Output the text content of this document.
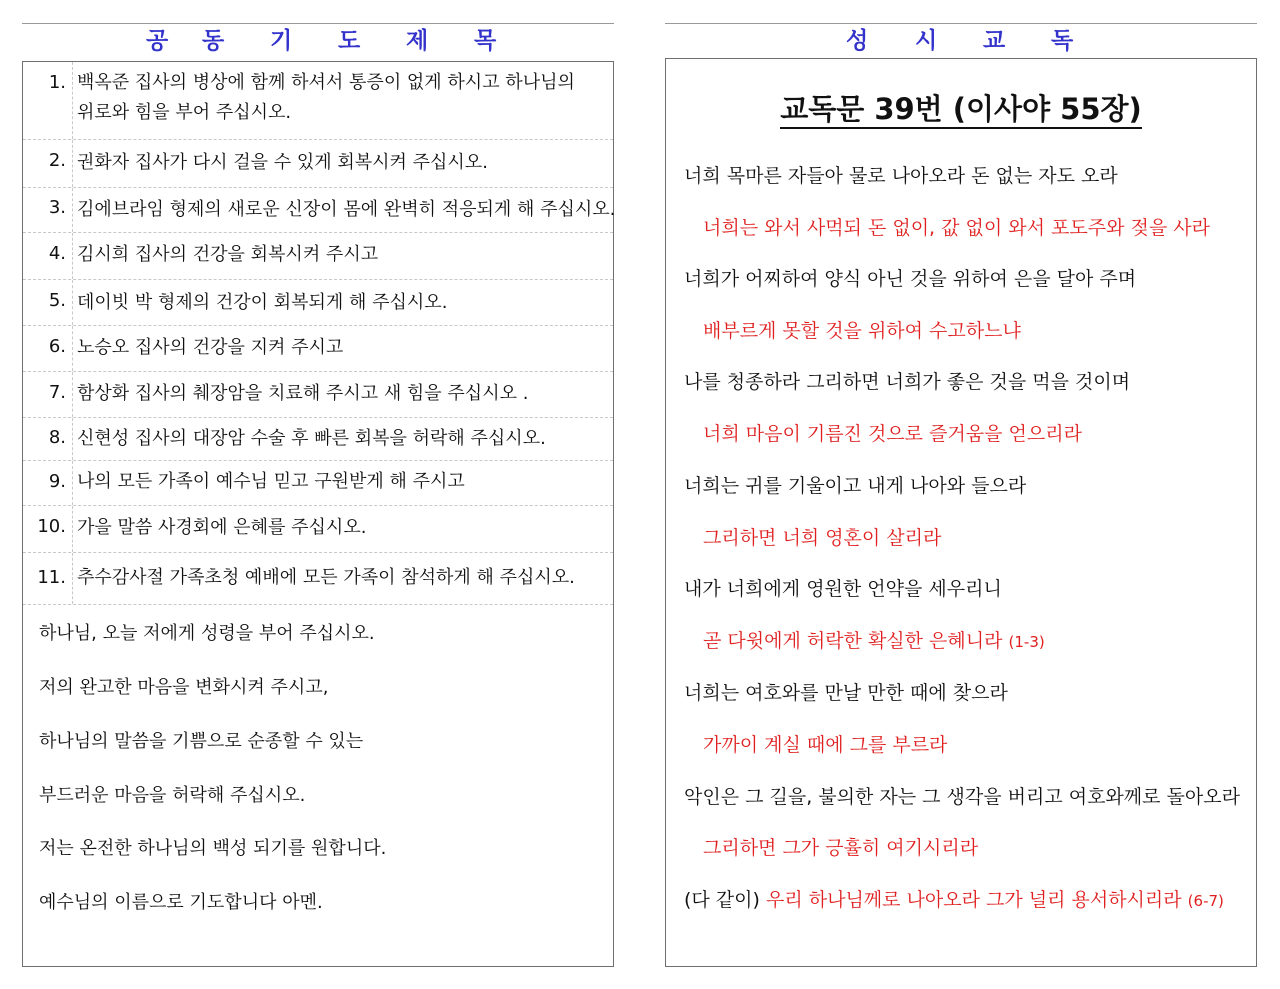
공 동 기 도 제 목
1. 백옥준 집사의 병상에 함께 하셔서 통증이 없게 하시고 하나님의
위로와 힘을 부어 주십시오.
2. 권화자 집사가 다시 걸을 수 있게 회복시켜 주십시오.
3. 김에브라임 형제의 새로운 신장이 몸에 완벽히 적응되게 해 주십시오.
4. 김시희 집사의 건강을 회복시켜 주시고
5. 데이빗 박 형제의 건강이 회복되게 해 주십시오.
6. 노승오 집사의 건강을 지켜 주시고
7. 함상화 집사의 췌장암을 치료해 주시고 새 힘을 주십시오 .
8. 신현성 집사의 대장암 수술 후 빠른 회복을 허락해 주십시오.
9. 나의 모든 가족이 예수님 믿고 구원받게 해 주시고
10. 가을 말씀 사경회에 은혜를 주십시오.
11. 추수감사절 가족초청 예배에 모든 가족이 참석하게 해 주십시오.
하나님, 오늘 저에게 성령을 부어 주십시오.
저의 완고한 마음을 변화시켜 주시고,
하나님의 말씀을 기쁨으로 순종할 수 있는
부드러운 마음을 허락해 주십시오.
저는 온전한 하나님의 백성 되기를 원합니다.
예수님의 이름으로 기도합니다 아멘.
성 시 교 독
교독문 39번 (이사야 55장)
너희 목마른 자들아 물로 나아오라 돈 없는 자도 오라
너희는 와서 사먹되 돈 없이, 값 없이 와서 포도주와 젖을 사라
너희가 어찌하여 양식 아닌 것을 위하여 은을 달아 주며
배부르게 못할 것을 위하여 수고하느냐
나를 청종하라 그리하면 너희가 좋은 것을 먹을 것이며
너희 마음이 기름진 것으로 즐거움을 얻으리라
너희는 귀를 기울이고 내게 나아와 들으라
그리하면 너희 영혼이 살리라
내가 너희에게 영원한 언약을 세우리니
곧 다윗에게 허락한 확실한 은혜니라 (1-3)
너희는 여호와를 만날 만한 때에 찾으라
가까이 계실 때에 그를 부르라
악인은 그 길을, 불의한 자는 그 생각을 버리고 여호와께로 돌아오라
그리하면 그가 긍휼히 여기시리라
(다 같이) 우리 하나님께로 나아오라 그가 널리 용서하시리라 (6-7)
